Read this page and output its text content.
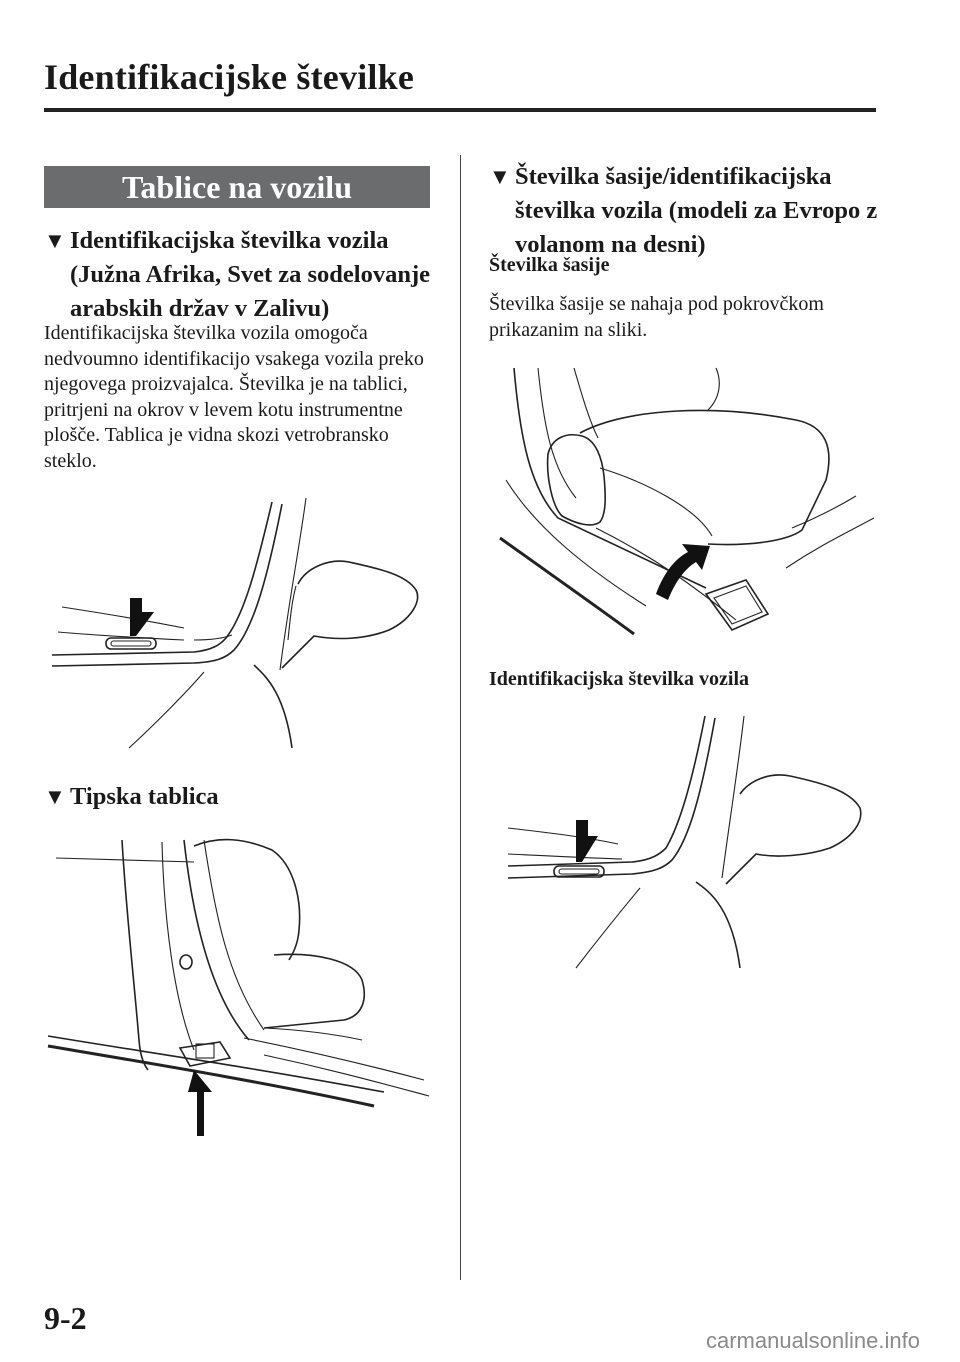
Identifikacijske številke
Tablice na vozilu
▼ Identifikacijska številka vozila (Južna Afrika, Svet za sodelovanje arabskih držav v Zalivu)

Identifikacijska številka vozila omogoča nedvoumno identifikacijo vsakega vozila preko njegovega proizvajalca. Številka je na tablici, pritrjeni na okrov v levem kotu instrumentne plošče. Tablica je vidna skozi vetrobransko steklo.

▼ Tipska tablica
▼ Številka šasije/identifikacijska številka vozila (modeli za Evropo z volanom na desni)
Številka šasije

Številka šasije se nahaja pod pokrovčkom prikazanim na sliki.

Identifikacijska številka vozila

9-2

carmanualsonline.info
